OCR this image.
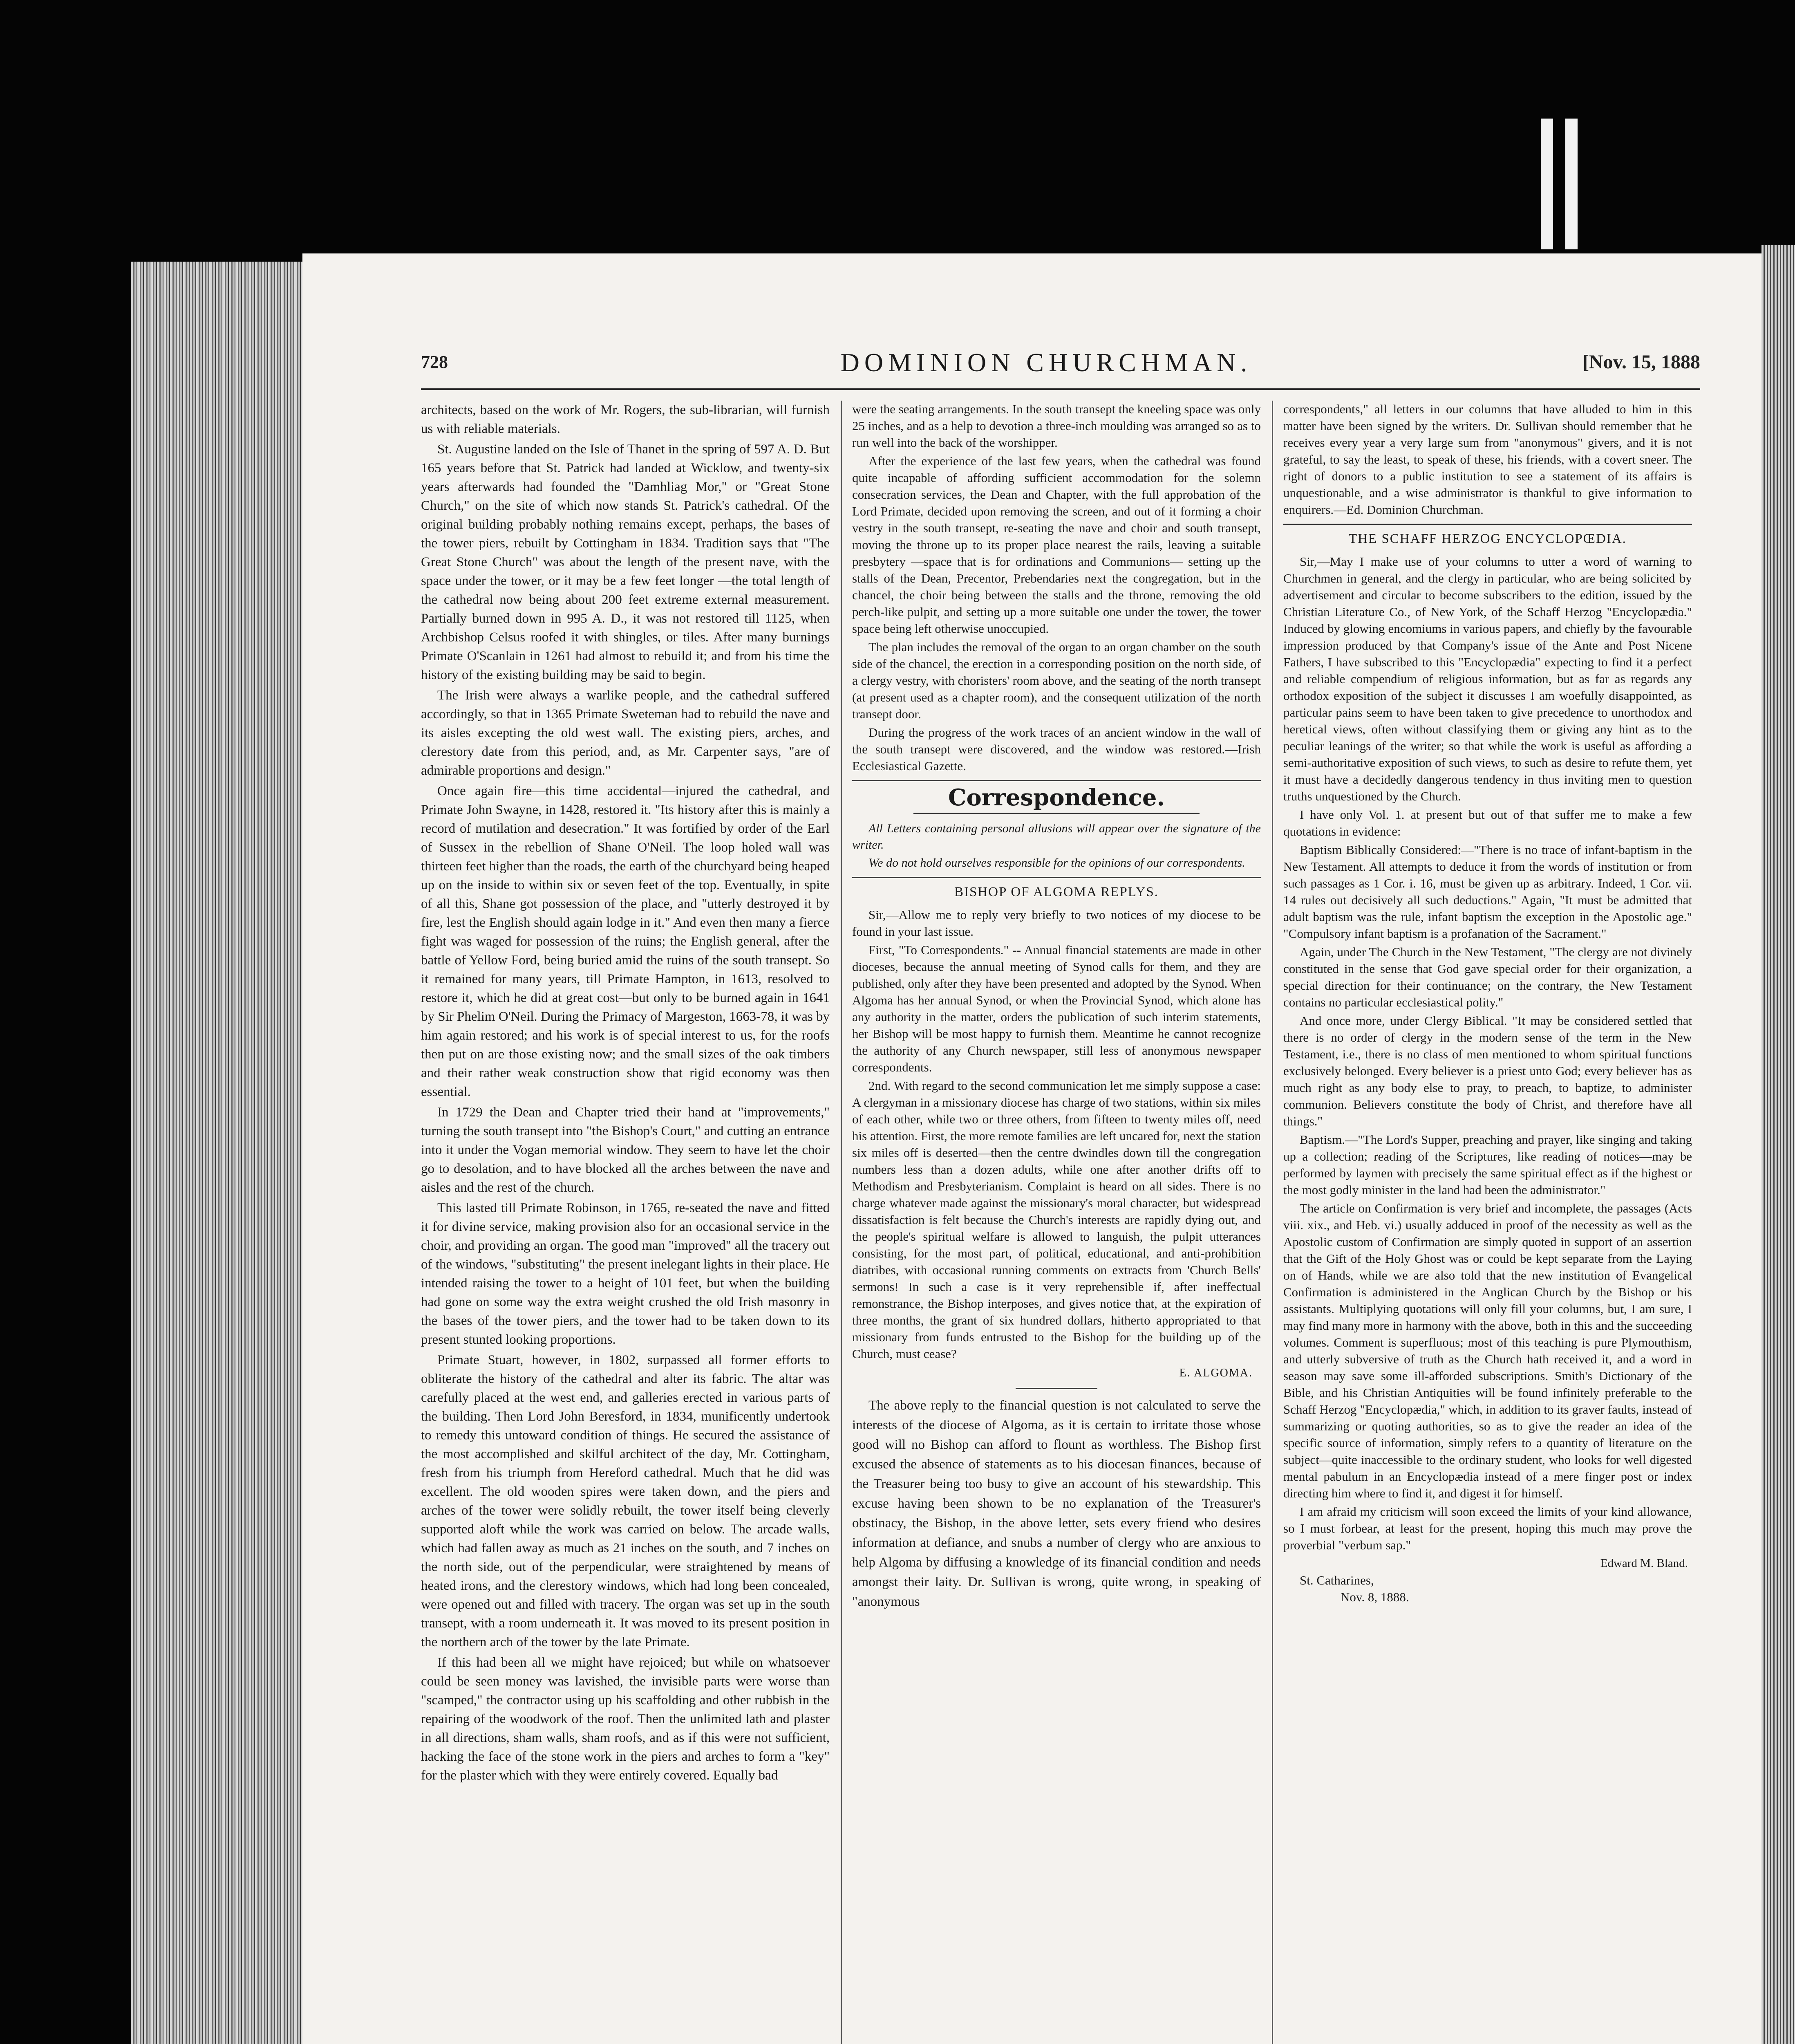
728	DOMINION CHURCHMAN.	[Nov. 15, 1888

architects, based on the work of Mr. Rogers, the sub-librarian, will furnish us with reliable materials.

St. Augustine landed on the Isle of Thanet in the spring of 597 A. D. But 165 years before that St. Patrick had landed at Wicklow, and twenty-six years afterwards had founded the "Damhliag Mor," or "Great Stone Church," on the site of which now stands St. Patrick's cathedral. Of the original building probably nothing remains except, perhaps, the bases of the tower piers, rebuilt by Cottingham in 1834. Tradition says that "The Great Stone Church" was about the length of the present nave, with the space under the tower, or it may be a few feet longer —the total length of the cathedral now being about 200 feet extreme external measurement. Partially burned down in 995 A. D., it was not restored till 1125, when Archbishop Celsus roofed it with shingles, or tiles. After many burnings Primate O'Scanlain in 1261 had almost to rebuild it; and from his time the history of the existing building may be said to begin.

The Irish were always a warlike people, and the cathedral suffered accordingly, so that in 1365 Primate Sweteman had to rebuild the nave and its aisles excepting the old west wall. The existing piers, arches, and clerestory date from this period, and, as Mr. Carpenter says, "are of admirable proportions and design."

Once again fire—this time accidental—injured the cathedral, and Primate John Swayne, in 1428, restored it. "Its history after this is mainly a record of mutilation and desecration." It was fortified by order of the Earl of Sussex in the rebellion of Shane O'Neil. The loop holed wall was thirteen feet higher than the roads, the earth of the churchyard being heaped up on the inside to within six or seven feet of the top. Eventually, in spite of all this, Shane got possession of the place, and "utterly destroyed it by fire, lest the English should again lodge in it." And even then many a fierce fight was waged for possession of the ruins; the English general, after the battle of Yellow Ford, being buried amid the ruins of the south transept. So it remained for many years, till Primate Hampton, in 1613, resolved to restore it, which he did at great cost—but only to be burned again in 1641 by Sir Phelim O'Neil. During the Primacy of Margeston, 1663-78, it was by him again restored; and his work is of special interest to us, for the roofs then put on are those existing now; and the small sizes of the oak timbers and their rather weak construction show that rigid economy was then essential.

In 1729 the Dean and Chapter tried their hand at "improvements," turning the south transept into "the Bishop's Court," and cutting an entrance into it under the Vogan memorial window. They seem to have let the choir go to desolation, and to have blocked all the arches between the nave and aisles and the rest of the church.

This lasted till Primate Robinson, in 1765, re-seated the nave and fitted it for divine service, making provision also for an occasional service in the choir, and providing an organ. The good man "improved" all the tracery out of the windows, "substituting" the present inelegant lights in their place. He intended raising the tower to a height of 101 feet, but when the building had gone on some way the extra weight crushed the old Irish masonry in the bases of the tower piers, and the tower had to be taken down to its present stunted looking proportions.

Primate Stuart, however, in 1802, surpassed all former efforts to obliterate the history of the cathedral and alter its fabric. The altar was carefully placed at the west end, and galleries erected in various parts of the building. Then Lord John Beresford, in 1834, munificently undertook to remedy this untoward condition of things. He secured the assistance of the most accomplished and skilful architect of the day, Mr. Cottingham, fresh from his triumph from Hereford cathedral. Much that he did was excellent. The old wooden spires were taken down, and the piers and arches of the tower were solidly rebuilt, the tower itself being cleverly supported aloft while the work was carried on below. The arcade walls, which had fallen away as much as 21 inches on the south, and 7 inches on the north side, out of the perpendicular, were straightened by means of heated irons, and the clerestory windows, which had long been concealed, were opened out and filled with tracery. The organ was set up in the south transept, with a room underneath it. It was moved to its present position in the northern arch of the tower by the late Primate.

If this had been all we might have rejoiced; but while on whatsoever could be seen money was lavished, the invisible parts were worse than "scamped," the contractor using up his scaffolding and other rubbish in the repairing of the woodwork of the roof. Then the unlimited lath and plaster in all directions, sham walls, sham roofs, and as if this were not sufficient, hacking the face of the stone work in the piers and arches to form a "key" for the plaster which with they were entirely covered. Equally bad

were the seating arrangements. In the south transept the kneeling space was only 25 inches, and as a help to devotion a three-inch moulding was arranged so as to run well into the back of the worshipper.

After the experience of the last few years, when the cathedral was found quite incapable of affording sufficient accommodation for the solemn consecration services, the Dean and Chapter, with the full approbation of the Lord Primate, decided upon removing the screen, and out of it forming a choir vestry in the south transept, re-seating the nave and choir and south transept, moving the throne up to its proper place nearest the rails, leaving a suitable presbytery —space that is for ordinations and Communions— setting up the stalls of the Dean, Precentor, Prebendaries next the congregation, but in the chancel, the choir being between the stalls and the throne, removing the old perch-like pulpit, and setting up a more suitable one under the tower, the tower space being left otherwise unoccupied.

The plan includes the removal of the organ to an organ chamber on the south side of the chancel, the erection in a corresponding position on the north side, of a clergy vestry, with choristers' room above, and the seating of the north transept (at present used as a chapter room), and the consequent utilization of the north transept door.

During the progress of the work traces of an ancient window in the wall of the south transept were discovered, and the window was restored.—Irish Ecclesiastical Gazette.

Correspondence.

All Letters containing personal allusions will appear over the signature of the writer.

We do not hold ourselves responsible for the opinions of our correspondents.

BISHOP OF ALGOMA REPLYS.

Sir,—Allow me to reply very briefly to two notices of my diocese to be found in your last issue.

First, "To Correspondents." -- Annual financial statements are made in other dioceses, because the annual meeting of Synod calls for them, and they are published, only after they have been presented and adopted by the Synod. When Algoma has her annual Synod, or when the Provincial Synod, which alone has any authority in the matter, orders the publication of such interim statements, her Bishop will be most happy to furnish them. Meantime he cannot recognize the authority of any Church newspaper, still less of anonymous newspaper correspondents.

2nd. With regard to the second communication let me simply suppose a case: A clergyman in a missionary diocese has charge of two stations, within six miles of each other, while two or three others, from fifteen to twenty miles off, need his attention. First, the more remote families are left uncared for, next the station six miles off is deserted—then the centre dwindles down till the congregation numbers less than a dozen adults, while one after another drifts off to Methodism and Presbyterianism. Complaint is heard on all sides. There is no charge whatever made against the missionary's moral character, but widespread dissatisfaction is felt because the Church's interests are rapidly dying out, and the people's spiritual welfare is allowed to languish, the pulpit utterances consisting, for the most part, of political, educational, and anti-prohibition diatribes, with occasional running comments on extracts from 'Church Bells' sermons! In such a case is it very reprehensible if, after ineffectual remonstrance, the Bishop interposes, and gives notice that, at the expiration of three months, the grant of six hundred dollars, hitherto appropriated to that missionary from funds entrusted to the Bishop for the building up of the Church, must cease?

E. ALGOMA.

The above reply to the financial question is not calculated to serve the interests of the diocese of Algoma, as it is certain to irritate those whose good will no Bishop can afford to flount as worthless. The Bishop first excused the absence of statements as to his diocesan finances, because of the Treasurer being too busy to give an account of his stewardship. This excuse having been shown to be no explanation of the Treasurer's obstinacy, the Bishop, in the above letter, sets every friend who desires information at defiance, and snubs a number of clergy who are anxious to help Algoma by diffusing a knowledge of its financial condition and needs amongst their laity. Dr. Sullivan is wrong, quite wrong, in speaking of "anonymous

correspondents," all letters in our columns that have alluded to him in this matter have been signed by the writers. Dr. Sullivan should remember that he receives every year a very large sum from "anonymous" givers, and it is not grateful, to say the least, to speak of these, his friends, with a covert sneer. The right of donors to a public institution to see a statement of its affairs is unquestionable, and a wise administrator is thankful to give information to enquirers.—Ed. Dominion Churchman.

THE SCHAFF HERZOG ENCYCLOPŒDIA.

Sir,—May I make use of your columns to utter a word of warning to Churchmen in general, and the clergy in particular, who are being solicited by advertisement and circular to become subscribers to the edition, issued by the Christian Literature Co., of New York, of the Schaff Herzog "Encyclopædia." Induced by glowing encomiums in various papers, and chiefly by the favourable impression produced by that Company's issue of the Ante and Post Nicene Fathers, I have subscribed to this "Encyclopædia" expecting to find it a perfect and reliable compendium of religious information, but as far as regards any orthodox exposition of the subject it discusses I am woefully disappointed, as particular pains seem to have been taken to give precedence to unorthodox and heretical views, often without classifying them or giving any hint as to the peculiar leanings of the writer; so that while the work is useful as affording a semi-authoritative exposition of such views, to such as desire to refute them, yet it must have a decidedly dangerous tendency in thus inviting men to question truths unquestioned by the Church.

I have only Vol. 1. at present but out of that suffer me to make a few quotations in evidence:

Baptism Biblically Considered:—"There is no trace of infant-baptism in the New Testament. All attempts to deduce it from the words of institution or from such passages as 1 Cor. i. 16, must be given up as arbitrary. Indeed, 1 Cor. vii. 14 rules out decisively all such deductions." Again, "It must be admitted that adult baptism was the rule, infant baptism the exception in the Apostolic age." "Compulsory infant baptism is a profanation of the Sacrament."

Again, under The Church in the New Testament, "The clergy are not divinely constituted in the sense that God gave special order for their organization, a special direction for their continuance; on the contrary, the New Testament contains no particular ecclesiastical polity."

And once more, under Clergy Biblical. "It may be considered settled that there is no order of clergy in the modern sense of the term in the New Testament, i.e., there is no class of men mentioned to whom spiritual functions exclusively belonged. Every believer is a priest unto God; every believer has as much right as any body else to pray, to preach, to baptize, to administer communion. Believers constitute the body of Christ, and therefore have all things."

Baptism.—"The Lord's Supper, preaching and prayer, like singing and taking up a collection; reading of the Scriptures, like reading of notices—may be performed by laymen with precisely the same spiritual effect as if the highest or the most godly minister in the land had been the administrator."

The article on Confirmation is very brief and incomplete, the passages (Acts viii. xix., and Heb. vi.) usually adduced in proof of the necessity as well as the Apostolic custom of Confirmation are simply quoted in support of an assertion that the Gift of the Holy Ghost was or could be kept separate from the Laying on of Hands, while we are also told that the new institution of Evangelical Confirmation is administered in the Anglican Church by the Bishop or his assistants. Multiplying quotations will only fill your columns, but, I am sure, I may find many more in harmony with the above, both in this and the succeeding volumes. Comment is superfluous; most of this teaching is pure Plymouthism, and utterly subversive of truth as the Church hath received it, and a word in season may save some ill-afforded subscriptions. Smith's Dictionary of the Bible, and his Christian Antiquities will be found infinitely preferable to the Schaff Herzog "Encyclopædia," which, in addition to its graver faults, instead of summarizing or quoting authorities, so as to give the reader an idea of the specific source of information, simply refers to a quantity of literature on the subject—quite inaccessible to the ordinary student, who looks for well digested mental pabulum in an Encyclopædia instead of a mere finger post or index directing him where to find it, and digest it for himself.

I am afraid my criticism will soon exceed the limits of your kind allowance, so I must forbear, at least for the present, hoping this much may prove the proverbial "verbum sap."

Edward M. Bland.
St. Catharines,
Nov. 8, 1888.
